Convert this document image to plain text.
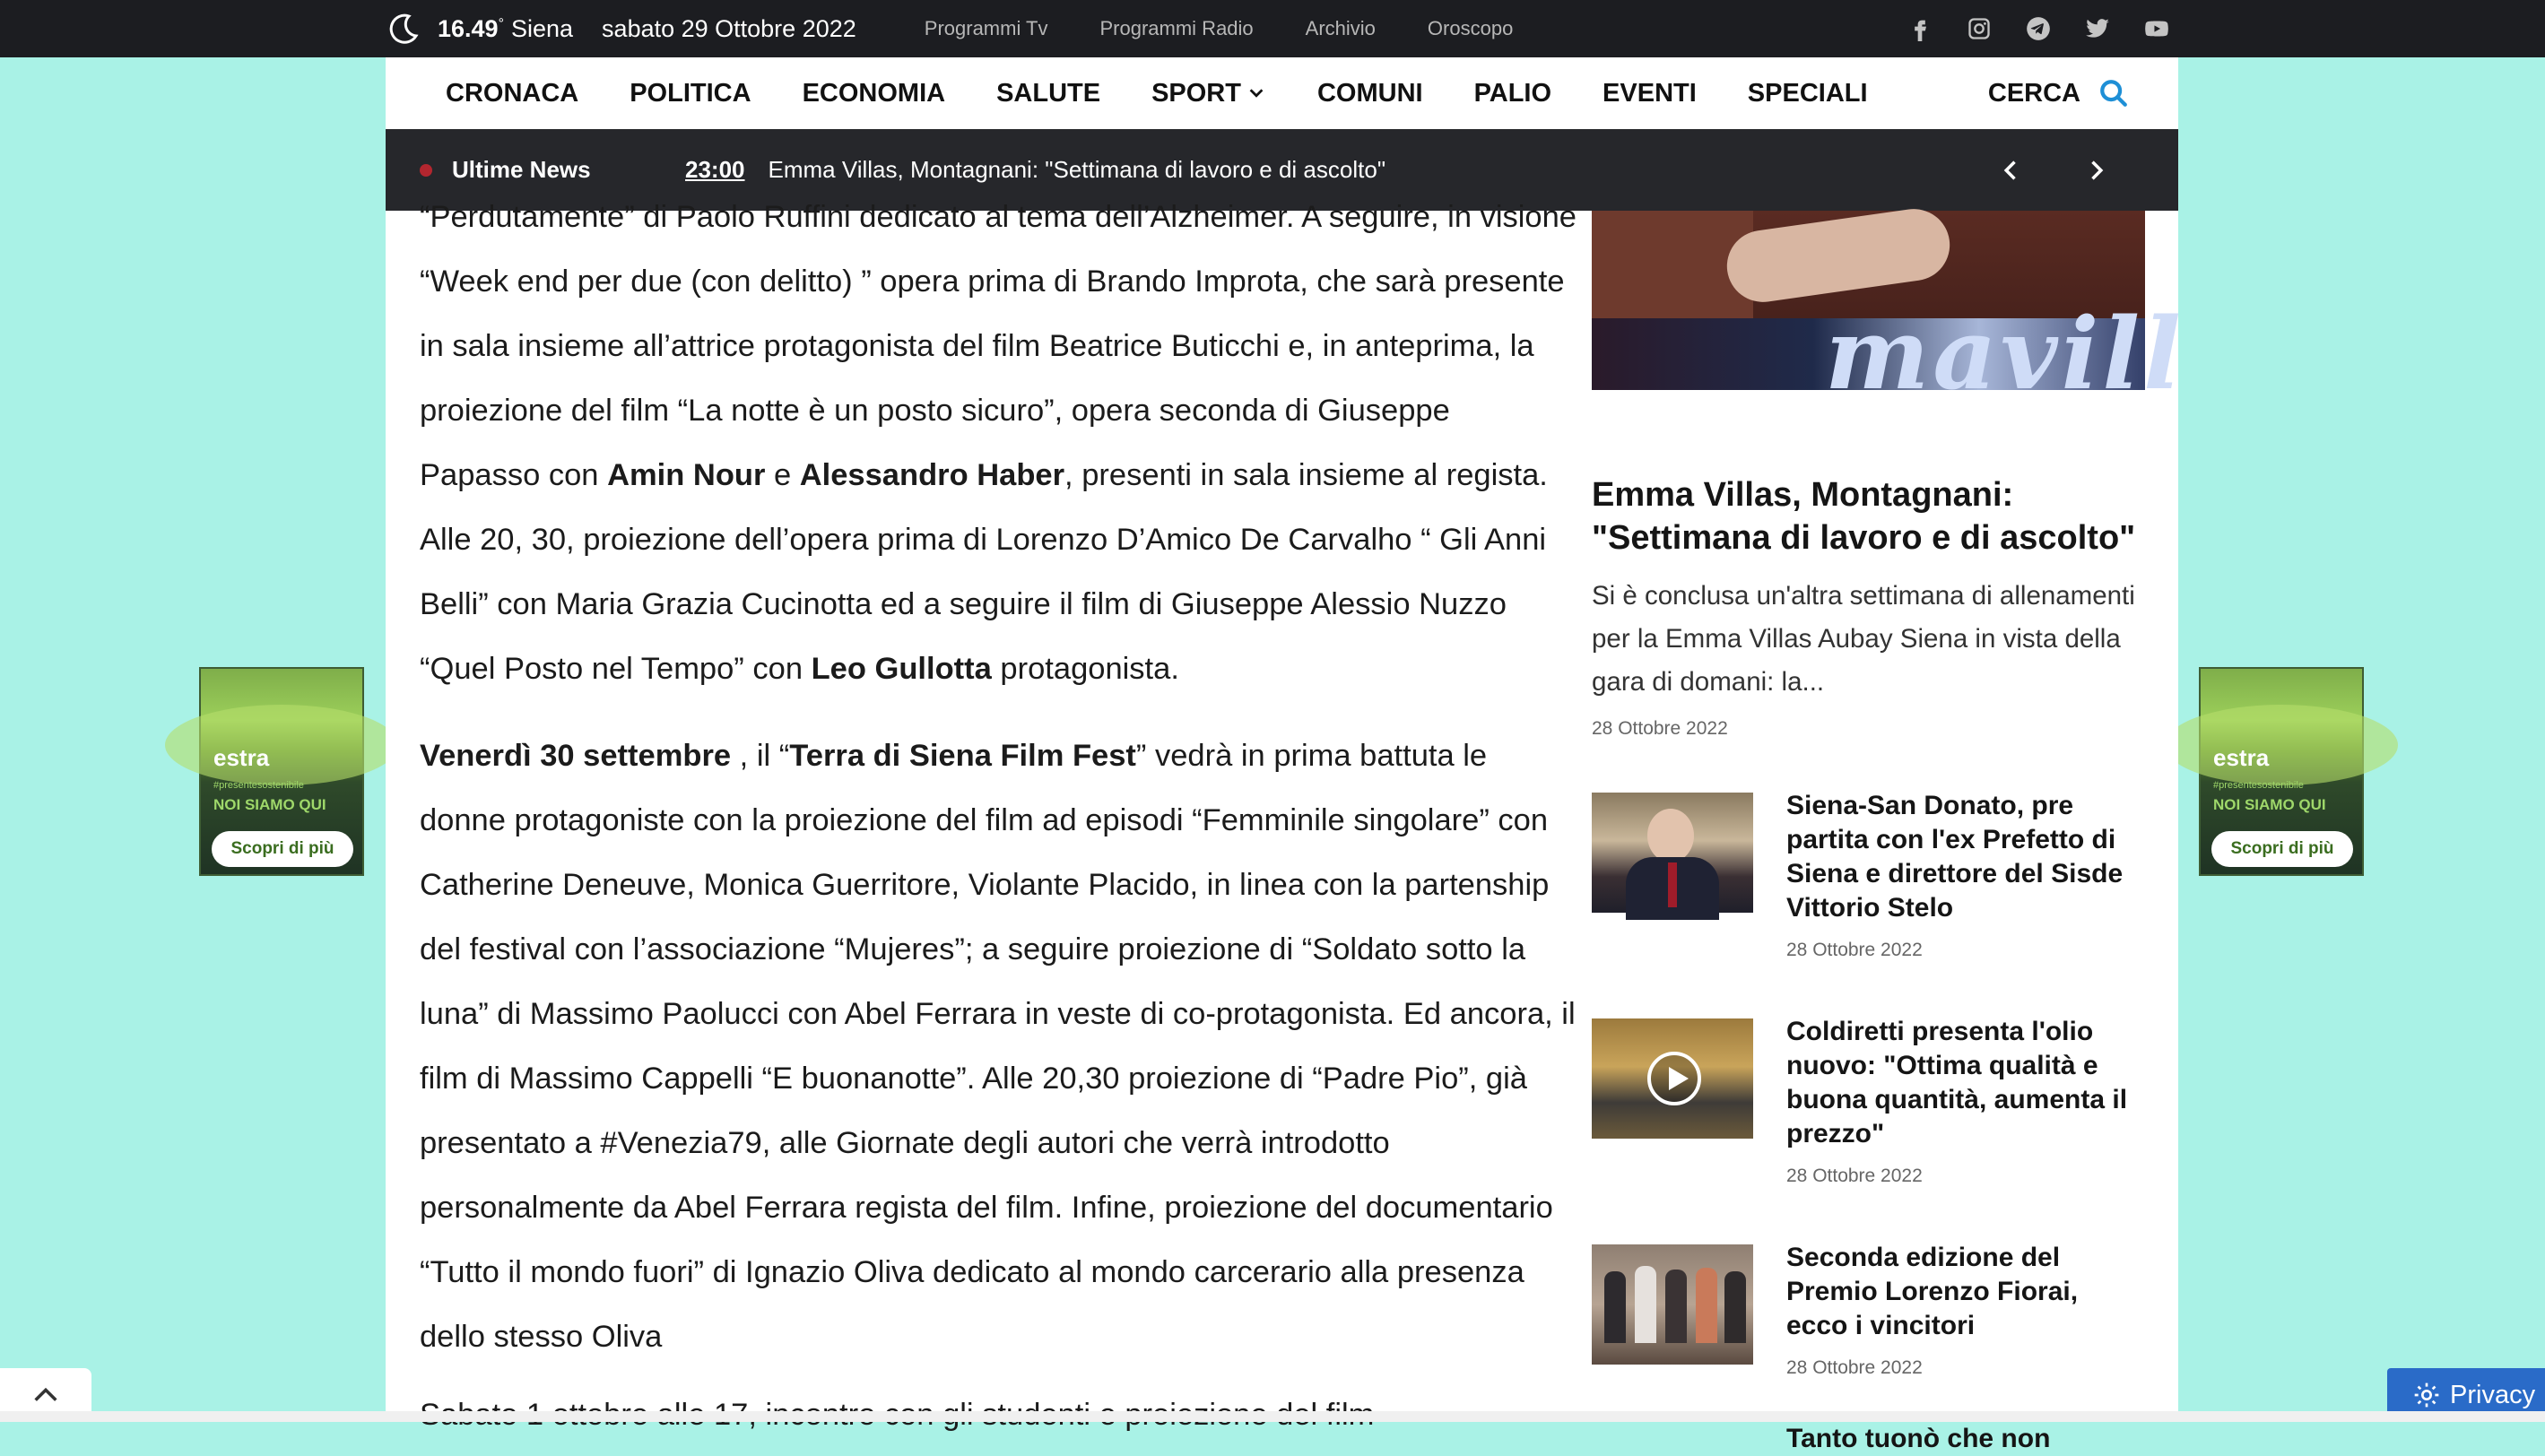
16.49° Siena sabato 29 Ottobre 2022	Programmi Tv	Programmi Radio	Archivio	Oroscopo
estra
#presentesostenibile
NOI SIAMO QUI
Scopri di più
estra
#presentesostenibile
NOI SIAMO QUI
Scopri di più
CRONACA POLITICA ECONOMIA SALUTE SPORT	COMUNI PALIO EVENTI SPECIALI	CERCA
Ultime News	23:00 Emma Villas, Montagnani: "Settimana di lavoro e di ascolto"

“Perdutamente” di Paolo Ruffini dedicato al tema dell’Alzheimer. A seguire, in visione “Week end per due (con delitto) ” opera prima di Brando Improta, che sarà presente in sala insieme all’attrice protagonista del film Beatrice Buticchi e, in anteprima, la proiezione del film “La notte è un posto sicuro”, opera seconda di Giuseppe Papasso con Amin Nour e Alessandro Haber, presenti in sala insieme al regista. Alle 20, 30, proiezione dell’opera prima di Lorenzo D’Amico De Carvalho “ Gli Anni Belli” con Maria Grazia Cucinotta ed a seguire il film di Giuseppe Alessio Nuzzo “Quel Posto nel Tempo” con Leo Gullotta protagonista.

Venerdì 30 settembre , il “Terra di Siena Film Fest” vedrà in prima battuta le donne protagoniste con la proiezione del film ad episodi “Femminile singolare” con Catherine Deneuve, Monica Guerritore, Violante Placido, in linea con la partenship del festival con l’associazione “Mujeres”; a seguire proiezione di “Soldato sotto la luna” di Massimo Paolucci con Abel Ferrara in veste di co-protagonista. Ed ancora, il film di Massimo Cappelli “E buonanotte”. Alle 20,30 proiezione di “Padre Pio”, già presentato a #Venezia79, alle Giornate degli autori che verrà introdotto personalmente da Abel Ferrara regista del film. Infine, proiezione del documentario “Tutto il mondo fuori” di Ignazio Oliva dedicato al mondo carcerario alla presenza dello stesso Oliva

mavill
Emma Villas, Montagnani: "Settimana di lavoro e di ascolto"
Si è conclusa un'altra settimana di allenamenti per la Emma Villas Aubay Siena in vista della gara di domani: la...
28 Ottobre 2022
Siena-San Donato, pre partita con l'ex Prefetto di Siena e direttore del Sisde Vittorio Stelo
28 Ottobre 2022
Coldiretti presenta l'olio nuovo: "Ottima qualità e buona quantità, aumenta il prezzo"
28 Ottobre 2022
Seconda edizione del Premio Lorenzo Fiorai, ecco i vincitori
28 Ottobre 2022
Tanto tuonò che non
Privacy
